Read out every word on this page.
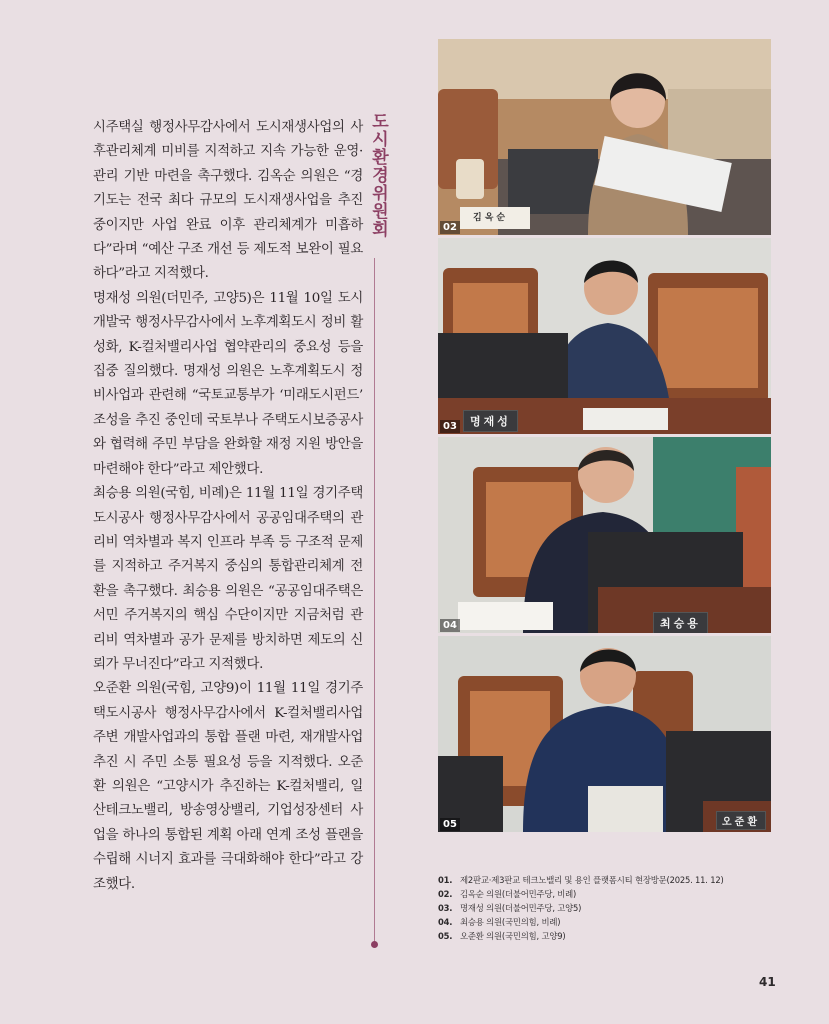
시주택실 행정사무감사에서 도시재생사업의 사후관리체계 미비를 지적하고 지속 가능한 운영·관리 기반 마련을 촉구했다. 김옥순 의원은 “경기도는 전국 최다 규모의 도시재생사업을 추진 중이지만 사업 완료 이후 관리체계가 미흡하다”라며 “예산 구조 개선 등 제도적 보완이 필요하다”라고 지적했다.

명재성 의원(더민주, 고양5)은 11월 10일 도시개발국 행정사무감사에서 노후계획도시 정비 활성화, K-컬처밸리사업 협약관리의 중요성 등을 집중 질의했다. 명재성 의원은 노후계획도시 정비사업과 관련해 “국토교통부가 ‘미래도시펀드’ 조성을 추진 중인데 국토부나 주택도시보증공사와 협력해 주민 부담을 완화할 재정 지원 방안을 마련해야 한다”라고 제안했다.

최승용 의원(국힘, 비례)은 11월 11일 경기주택도시공사 행정사무감사에서 공공임대주택의 관리비 역차별과 복지 인프라 부족 등 구조적 문제를 지적하고 주거복지 중심의 통합관리체계 전환을 촉구했다. 최승용 의원은 “공공임대주택은 서민 주거복지의 핵심 수단이지만 지금처럼 관리비 역차별과 공가 문제를 방치하면 제도의 신뢰가 무너진다”라고 지적했다.

오준환 의원(국힘, 고양9)이 11월 11일 경기주택도시공사 행정사무감사에서 K-컬처밸리사업 주변 개발사업과의 통합 플랜 마련, 재개발사업 추진 시 주민 소통 필요성 등을 지적했다. 오준환 의원은 “고양시가 추진하는 K-컬처밸리, 일산테크노밸리, 방송영상밸리, 기업성장센터 사업을 하나의 통합된 계획 아래 연계 조성 플랜을 수립해 시너지 효과를 극대화해야 한다”라고 강조했다.

도시환경위원회	김옥순
02
명재성
03
최승용
04
오준환
05
01. 제2판교·제3판교 테크노밸리 및 용인 플랫폼시티 현장방문(2025. 11. 12)
02. 김옥순 의원(더불어민주당, 비례)
03. 명재성 의원(더불어민주당, 고양5)
04. 최승용 의원(국민의힘, 비례)
05. 오준환 의원(국민의힘, 고양9)
41
